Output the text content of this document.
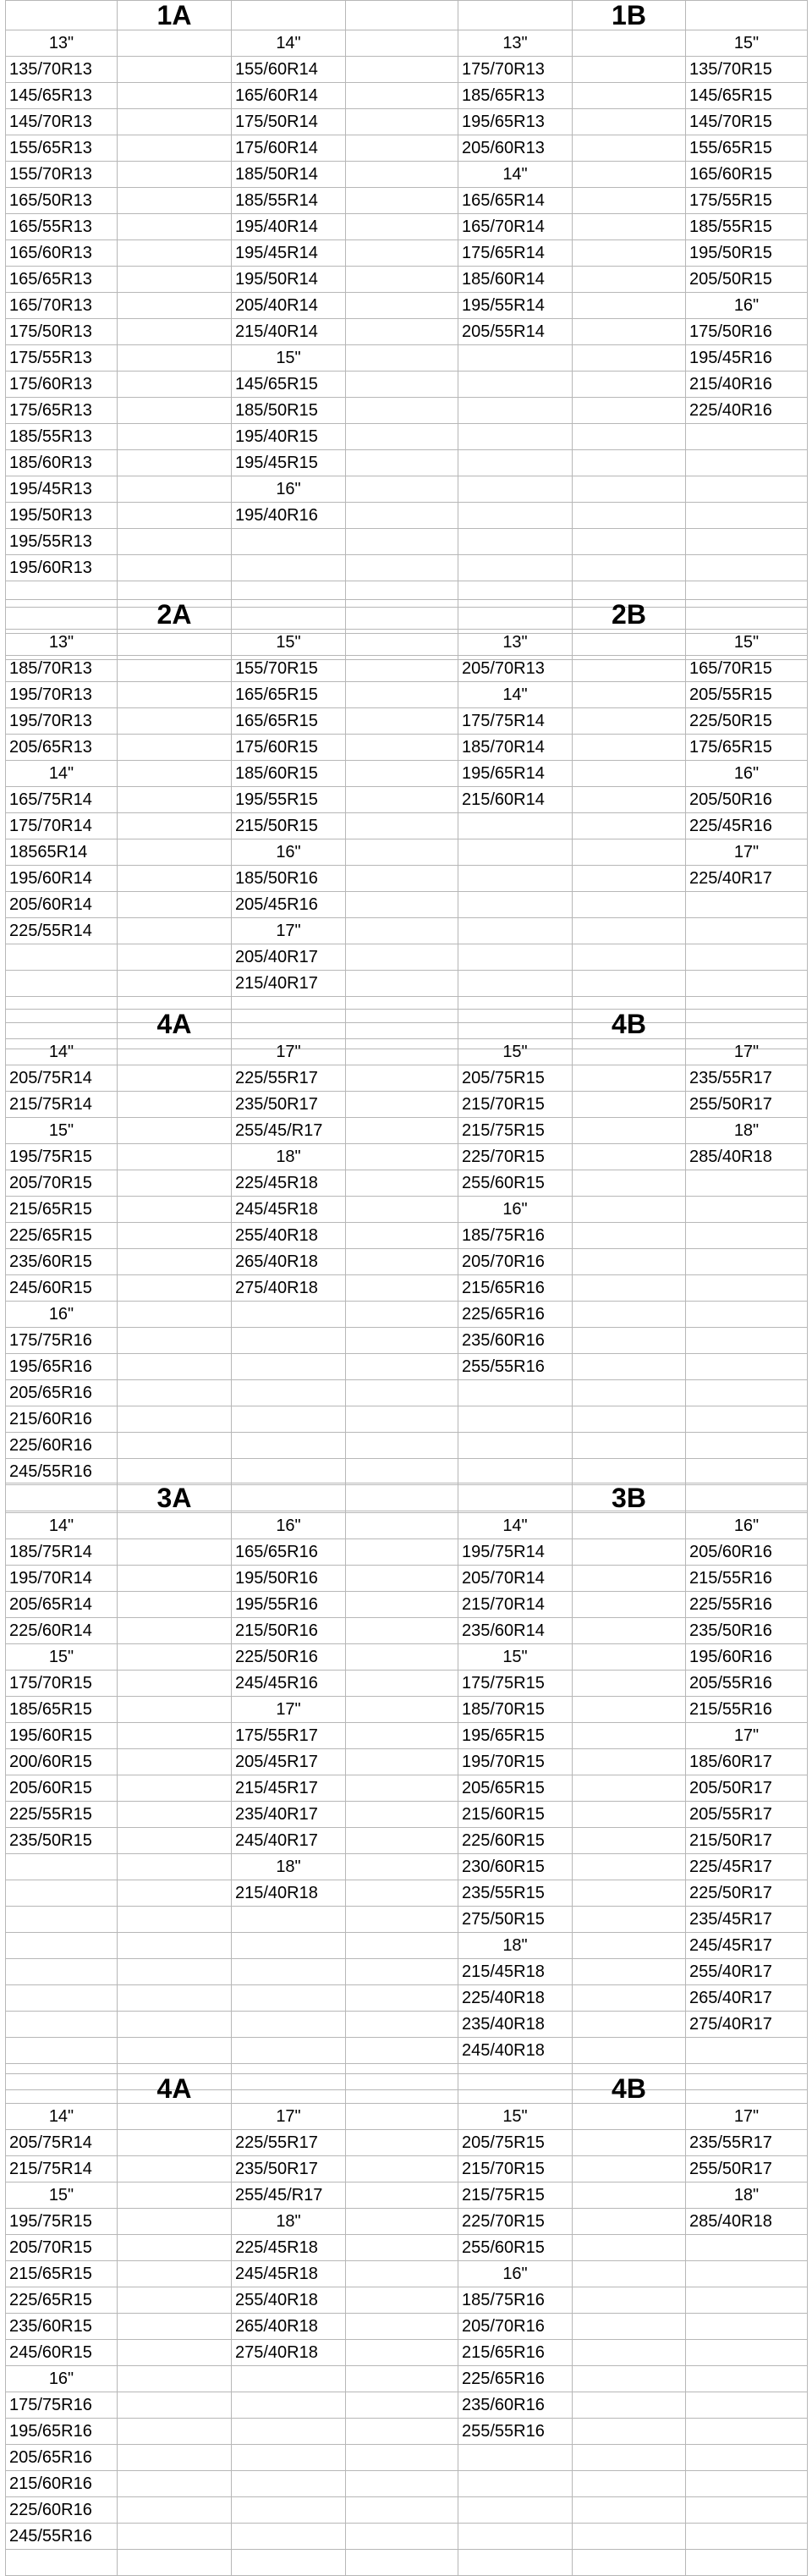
	1A				1B	
13"		14"		13"		15"
135/70R13		155/60R14		175/70R13		135/70R15
145/65R13		165/60R14		185/65R13		145/65R15
145/70R13		175/50R14		195/65R13		145/70R15
155/65R13		175/60R14		205/60R13		155/65R15
155/70R13		185/50R14		14"		165/60R15
165/50R13		185/55R14		165/65R14		175/55R15
165/55R13		195/40R14		165/70R14		185/55R15
165/60R13		195/45R14		175/65R14		195/50R15
165/65R13		195/50R14		185/60R14		205/50R15
165/70R13		205/40R14		195/55R14		16"
175/50R13		215/40R14		205/55R14		175/50R16
175/55R13		15"				195/45R16
175/60R13		145/65R15				215/40R16
175/65R13		185/50R15				225/40R16
185/55R13		195/40R15				
185/60R13		195/45R15				
195/45R13		16"				
195/50R13		195/40R16				
195/55R13						
195/60R13						

	2A				2B	
13"		15"		13"		15"
185/70R13		155/70R15		205/70R13		165/70R15
195/70R13		165/65R15		14"		205/55R15
195/70R13		165/65R15		175/75R14		225/50R15
205/65R13		175/60R15		185/70R14		175/65R15
14"		185/60R15		195/65R14		16"
165/75R14		195/55R15		215/60R14		205/50R16
175/70R14		215/50R15				225/45R16
18565R14		16"				17"
195/60R14		185/50R16				225/40R17
205/60R14		205/45R16				
225/55R14		17"				
		205/40R17				
		215/40R17				

	4A				4B	
14"		17"		15"		17"
205/75R14		225/55R17		205/75R15		235/55R17
215/75R14		235/50R17		215/70R15		255/50R17
15"		255/45/R17		215/75R15		18"
195/75R15		18"		225/70R15		285/40R18
205/70R15		225/45R18		255/60R15		
215/65R15		245/45R18		16"		
225/65R15		255/40R18		185/75R16		
235/60R15		265/40R18		205/70R16		
245/60R15		275/40R18		215/65R16		
16"				225/65R16		
175/75R16				235/60R16		
195/65R16				255/55R16		
205/65R16						
215/60R16						
225/60R16						
245/55R16						

	3A				3B	
14"		16"		14"		16"
185/75R14		165/65R16		195/75R14		205/60R16
195/70R14		195/50R16		205/70R14		215/55R16
205/65R14		195/55R16		215/70R14		225/55R16
225/60R14		215/50R16		235/60R14		235/50R16
15"		225/50R16		15"		195/60R16
175/70R15		245/45R16		175/75R15		205/55R16
185/65R15		17"		185/70R15		215/55R16
195/60R15		175/55R17		195/65R15		17"
200/60R15		205/45R17		195/70R15		185/60R17
205/60R15		215/45R17		205/65R15		205/50R17
225/55R15		235/40R17		215/60R15		205/55R17
235/50R15		245/40R17		225/60R15		215/50R17
		18"		230/60R15		225/45R17
		215/40R18		235/55R15		225/50R17
				275/50R15		235/45R17
				18"		245/45R17
				215/45R18		255/40R17
				225/40R18		265/40R17
				235/40R18		275/40R17
				245/40R18		

	4A				4B	
14"		17"		15"		17"
205/75R14		225/55R17		205/75R15		235/55R17
215/75R14		235/50R17		215/70R15		255/50R17
15"		255/45/R17		215/75R15		18"
195/75R15		18"		225/70R15		285/40R18
205/70R15		225/45R18		255/60R15		
215/65R15		245/45R18		16"		
225/65R15		255/40R18		185/75R16		
235/60R15		265/40R18		205/70R16		
245/60R15		275/40R18		215/65R16		
16"				225/65R16		
175/75R16				235/60R16		
195/65R16				255/55R16		
205/65R16						
215/60R16						
225/60R16						
245/55R16						
